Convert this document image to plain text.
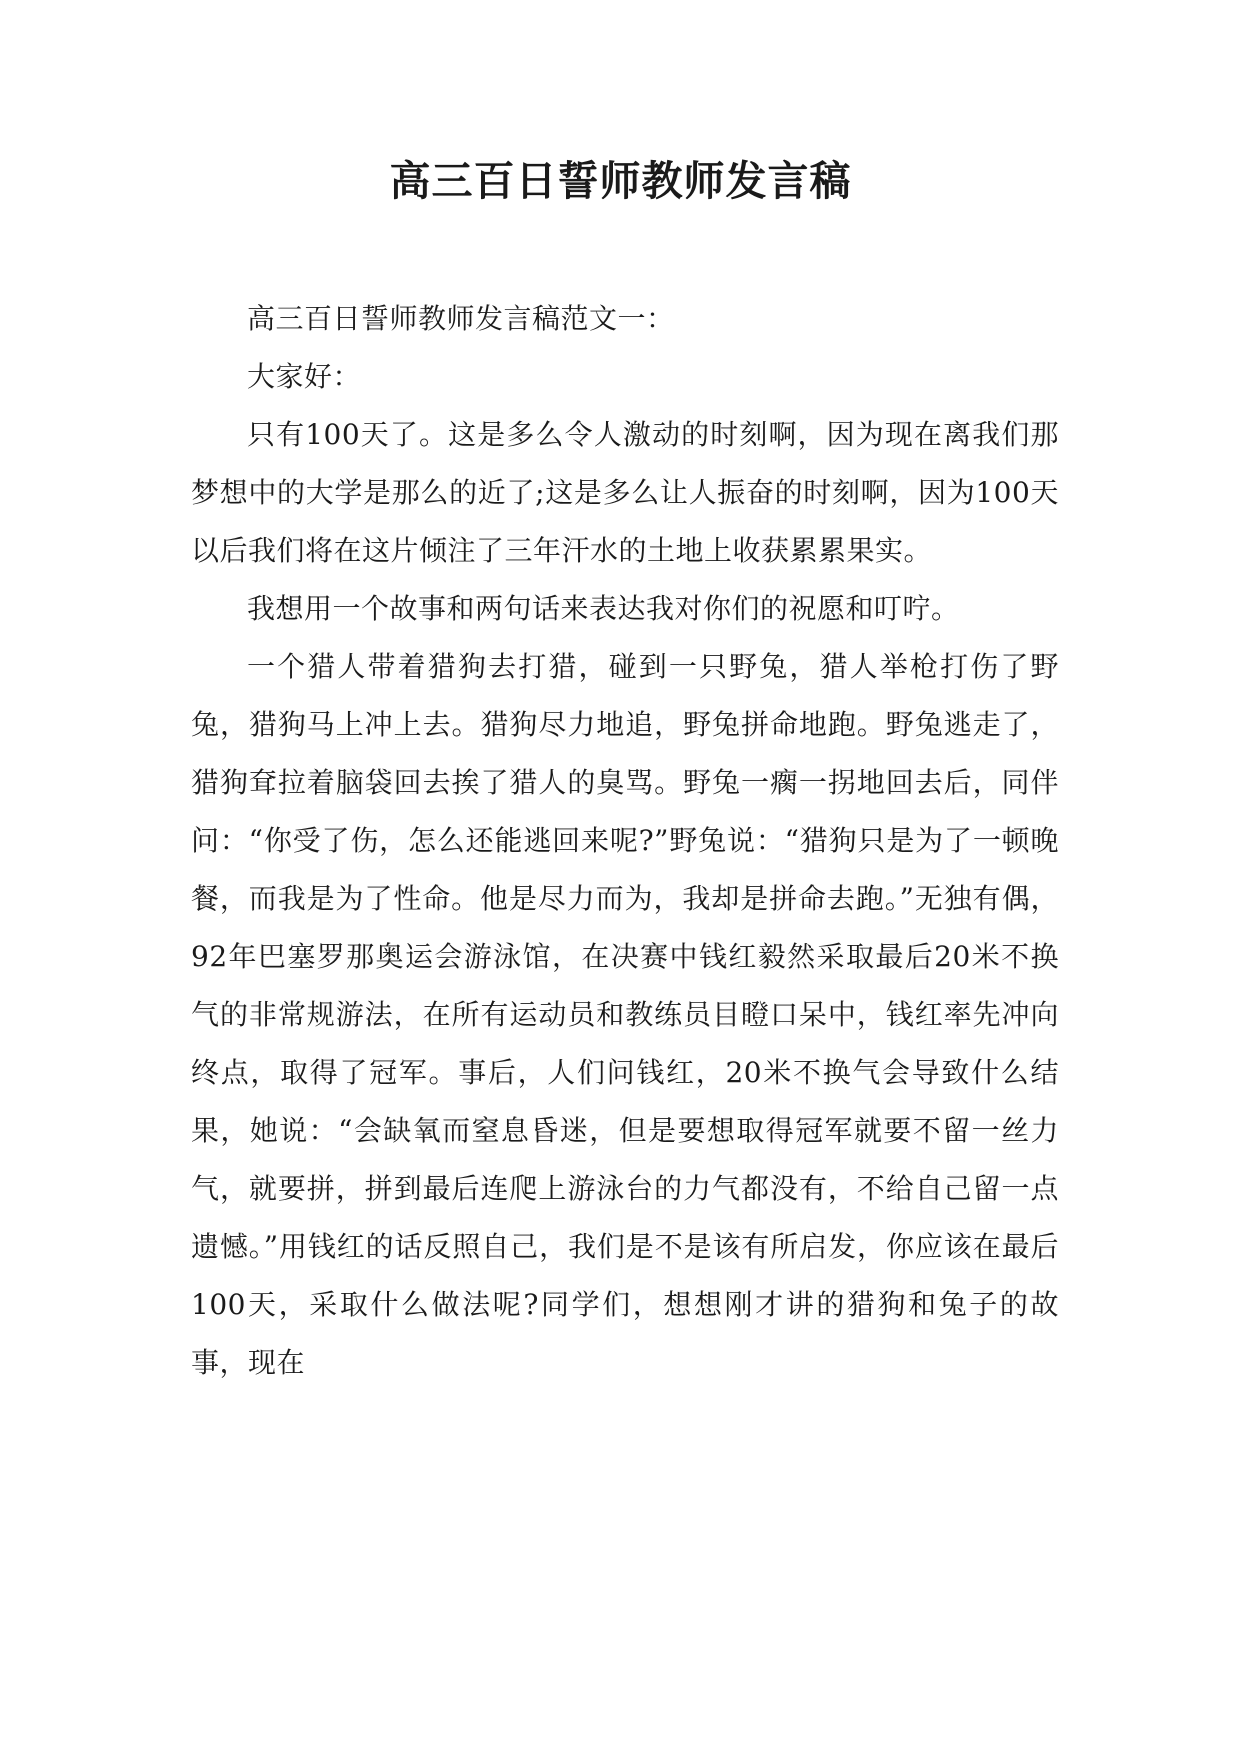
高三百日誓师教师发言稿

高三百日誓师教师发言稿范文一：

大家好：

只有100天了。这是多么令人激动的时刻啊，因为现在离我们那梦想中的大学是那么的近了;这是多么让人振奋的时刻啊，因为100天以后我们将在这片倾注了三年汗水的土地上收获累累果实。

我想用一个故事和两句话来表达我对你们的祝愿和叮咛。

一个猎人带着猎狗去打猎，碰到一只野兔，猎人举枪打伤了野兔，猎狗马上冲上去。猎狗尽力地追，野兔拼命地跑。野兔逃走了，猎狗耷拉着脑袋回去挨了猎人的臭骂。野兔一瘸一拐地回去后，同伴问：“你受了伤，怎么还能逃回来呢?”野兔说：“猎狗只是为了一顿晚餐，而我是为了性命。他是尽力而为，我却是拼命去跑。”无独有偶，92年巴塞罗那奥运会游泳馆，在决赛中钱红毅然采取最后20米不换气的非常规游法，在所有运动员和教练员目瞪口呆中，钱红率先冲向终点，取得了冠军。事后，人们问钱红，20米不换气会导致什么结果，她说：“会缺氧而窒息昏迷，但是要想取得冠军就要不留一丝力气，就要拼，拼到最后连爬上游泳台的力气都没有，不给自己留一点遗憾。”用钱红的话反照自己，我们是不是该有所启发，你应该在最后100天，采取什么做法呢?同学们，想想刚才讲的猎狗和兔子的故事，现在
